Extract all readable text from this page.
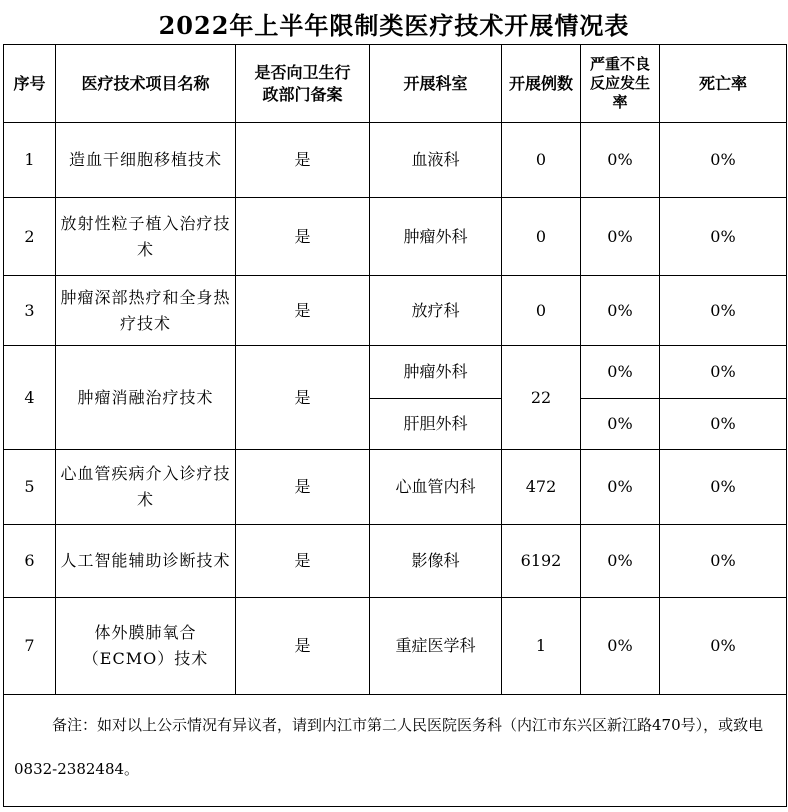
2022年上半年限制类医疗技术开展情况表
序号	医疗技术项目名称	是否向卫生行政部门备案	开展科室	开展例数	严重不良反应发生率	死亡率
1	造血干细胞移植技术	是	血液科	0	0%	0%
2	放射性粒子植入治疗技术	是	肿瘤外科	0	0%	0%
3	肿瘤深部热疗和全身热疗技术	是	放疗科	0	0%	0%
4	肿瘤消融治疗技术	是	肿瘤外科	22	0%	0%
			肝胆外科		0%	0%
5	心血管疾病介入诊疗技术	是	心血管内科	472	0%	0%
6	人工智能辅助诊断技术	是	影像科	6192	0%	0%
7	体外膜肺氧合（ECMO）技术	是	重症医学科	1	0%	0%
备注：如对以上公示情况有异议者，请到内江市第二人民医院医务科（内江市东兴区新江路470号），或致电0832-2382484。						
